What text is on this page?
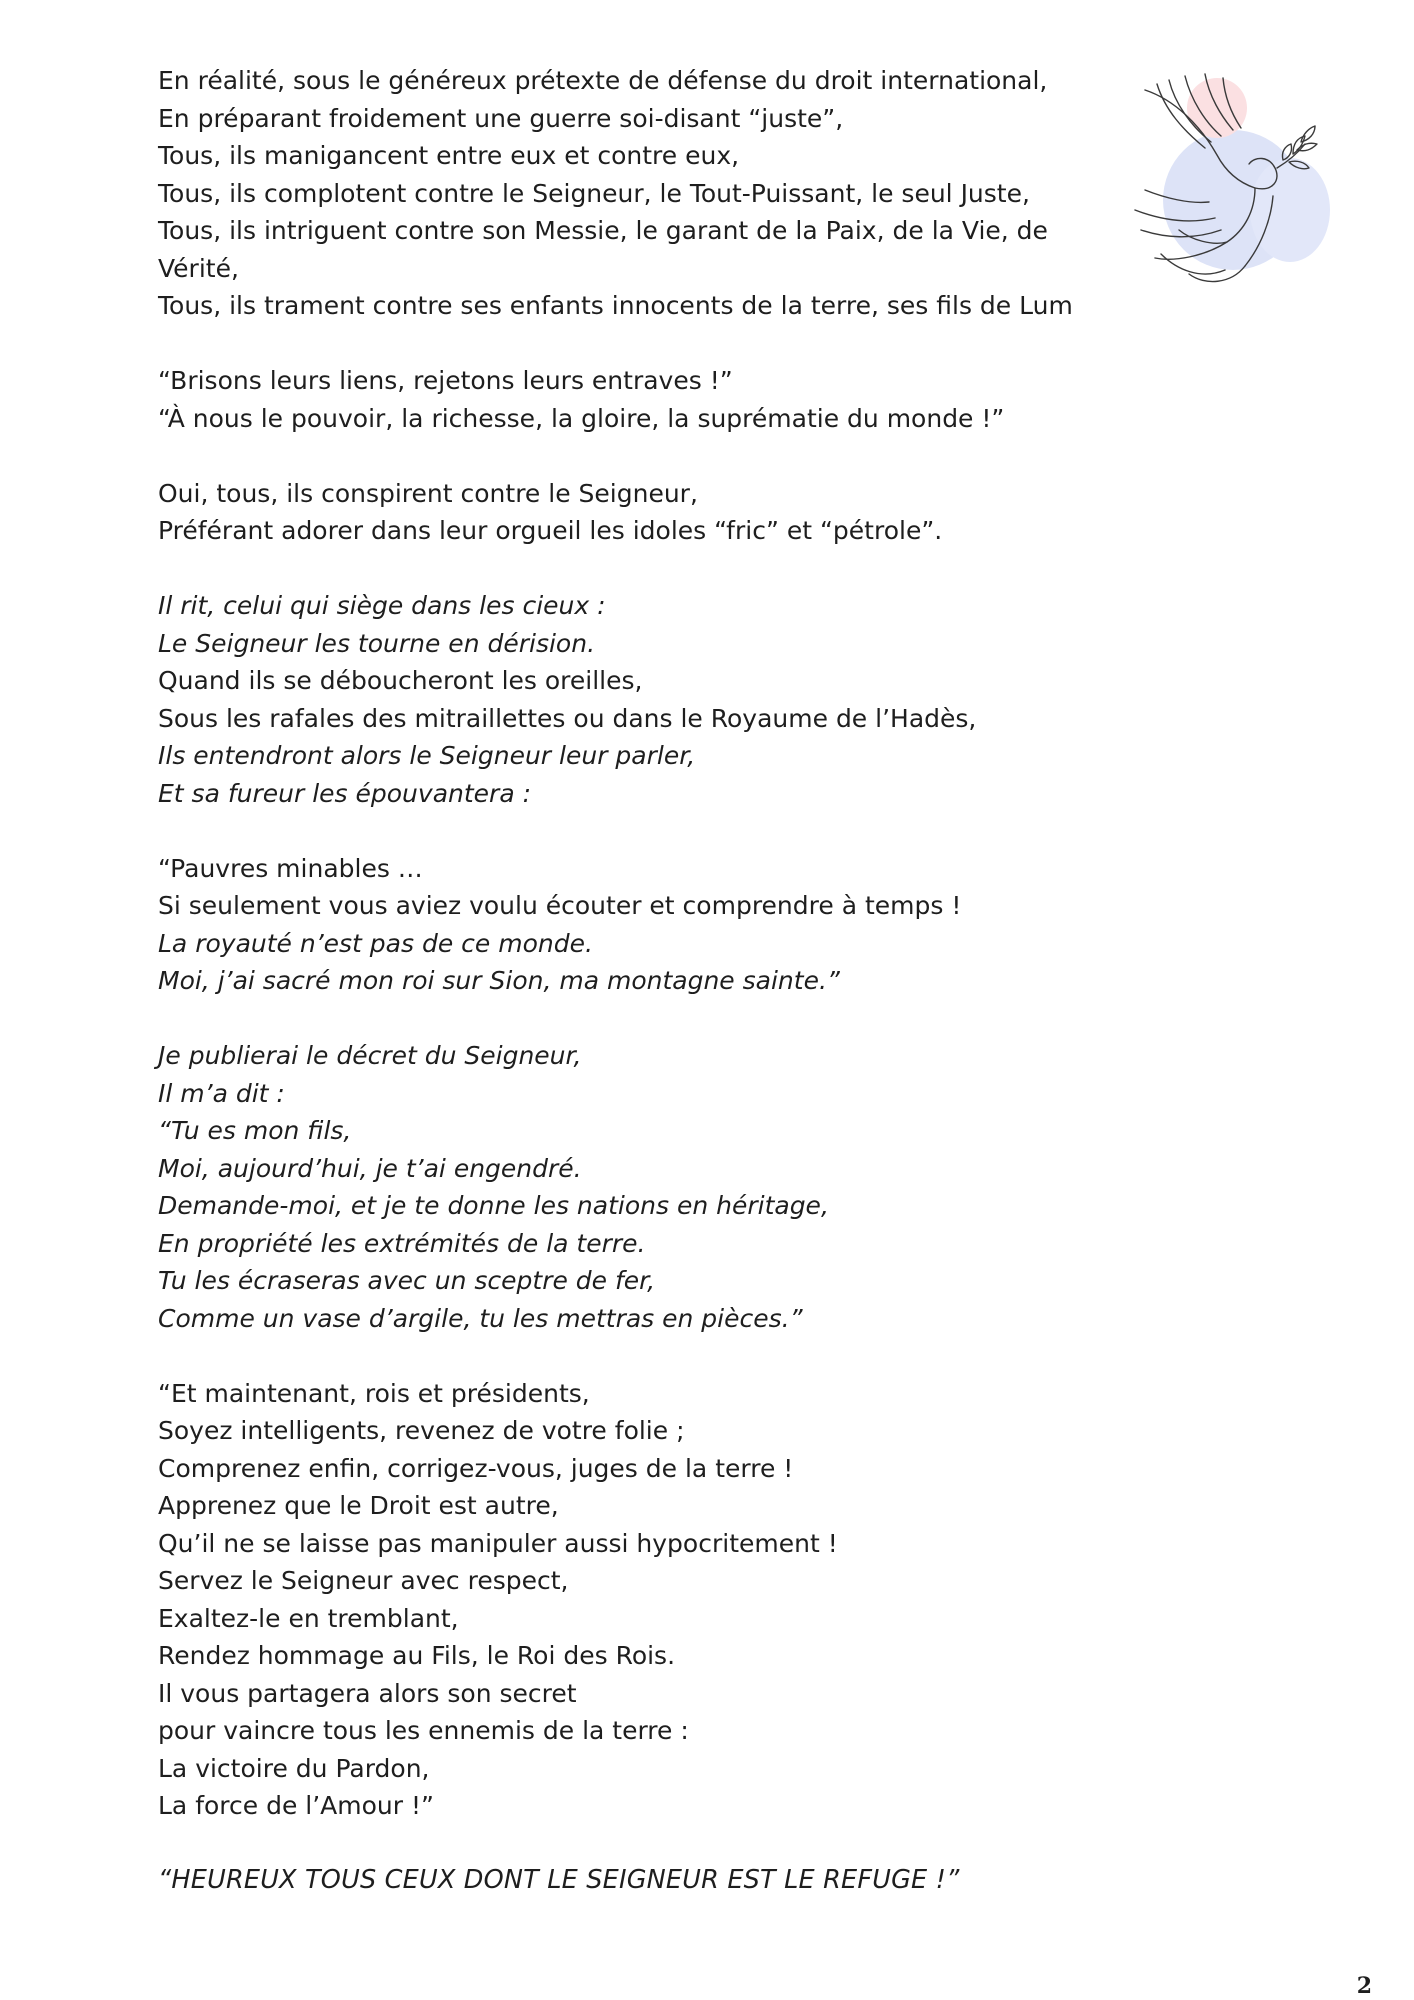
En réalité, sous le généreux prétexte de défense du droit international,
En préparant froidement une guerre soi-disant “juste”,
Tous, ils manigancent entre eux et contre eux,
Tous, ils complotent contre le Seigneur, le Tout-Puissant, le seul Juste,
Tous, ils intriguent contre son Messie, le garant de la Paix, de la Vie, de
Vérité,
Tous, ils trament contre ses enfants innocents de la terre, ses fils de Lum
“Brisons leurs liens, rejetons leurs entraves !”
“À nous le pouvoir, la richesse, la gloire, la suprématie du monde !”
Oui, tous, ils conspirent contre le Seigneur,
Préférant adorer dans leur orgueil les idoles “fric” et “pétrole”.
Il rit, celui qui siège dans les cieux :
Le Seigneur les tourne en dérision.
Quand ils se déboucheront les oreilles,
Sous les rafales des mitraillettes ou dans le Royaume de l’Hadès,
Ils entendront alors le Seigneur leur parler,
Et sa fureur les épouvantera :
“Pauvres minables …
Si seulement vous aviez voulu écouter et comprendre à temps !
La royauté n’est pas de ce monde.
Moi, j’ai sacré mon roi sur Sion, ma montagne sainte.”
Je publierai le décret du Seigneur,
Il m’a dit :
“Tu es mon fils,
Moi, aujourd’hui, je t’ai engendré.
Demande-moi, et je te donne les nations en héritage,
En propriété les extrémités de la terre.
Tu les écraseras avec un sceptre de fer,
Comme un vase d’argile, tu les mettras en pièces.”
“Et maintenant, rois et présidents,
Soyez intelligents, revenez de votre folie ;
Comprenez enfin, corrigez-vous, juges de la terre !
Apprenez que le Droit est autre,
Qu’il ne se laisse pas manipuler aussi hypocritement !
Servez le Seigneur avec respect,
Exaltez-le en tremblant,
Rendez hommage au Fils, le Roi des Rois.
Il vous partagera alors son secret
pour vaincre tous les ennemis de la terre :
La victoire du Pardon,
La force de l’Amour !”
“HEUREUX TOUS CEUX DONT LE SEIGNEUR EST LE REFUGE !”
2
